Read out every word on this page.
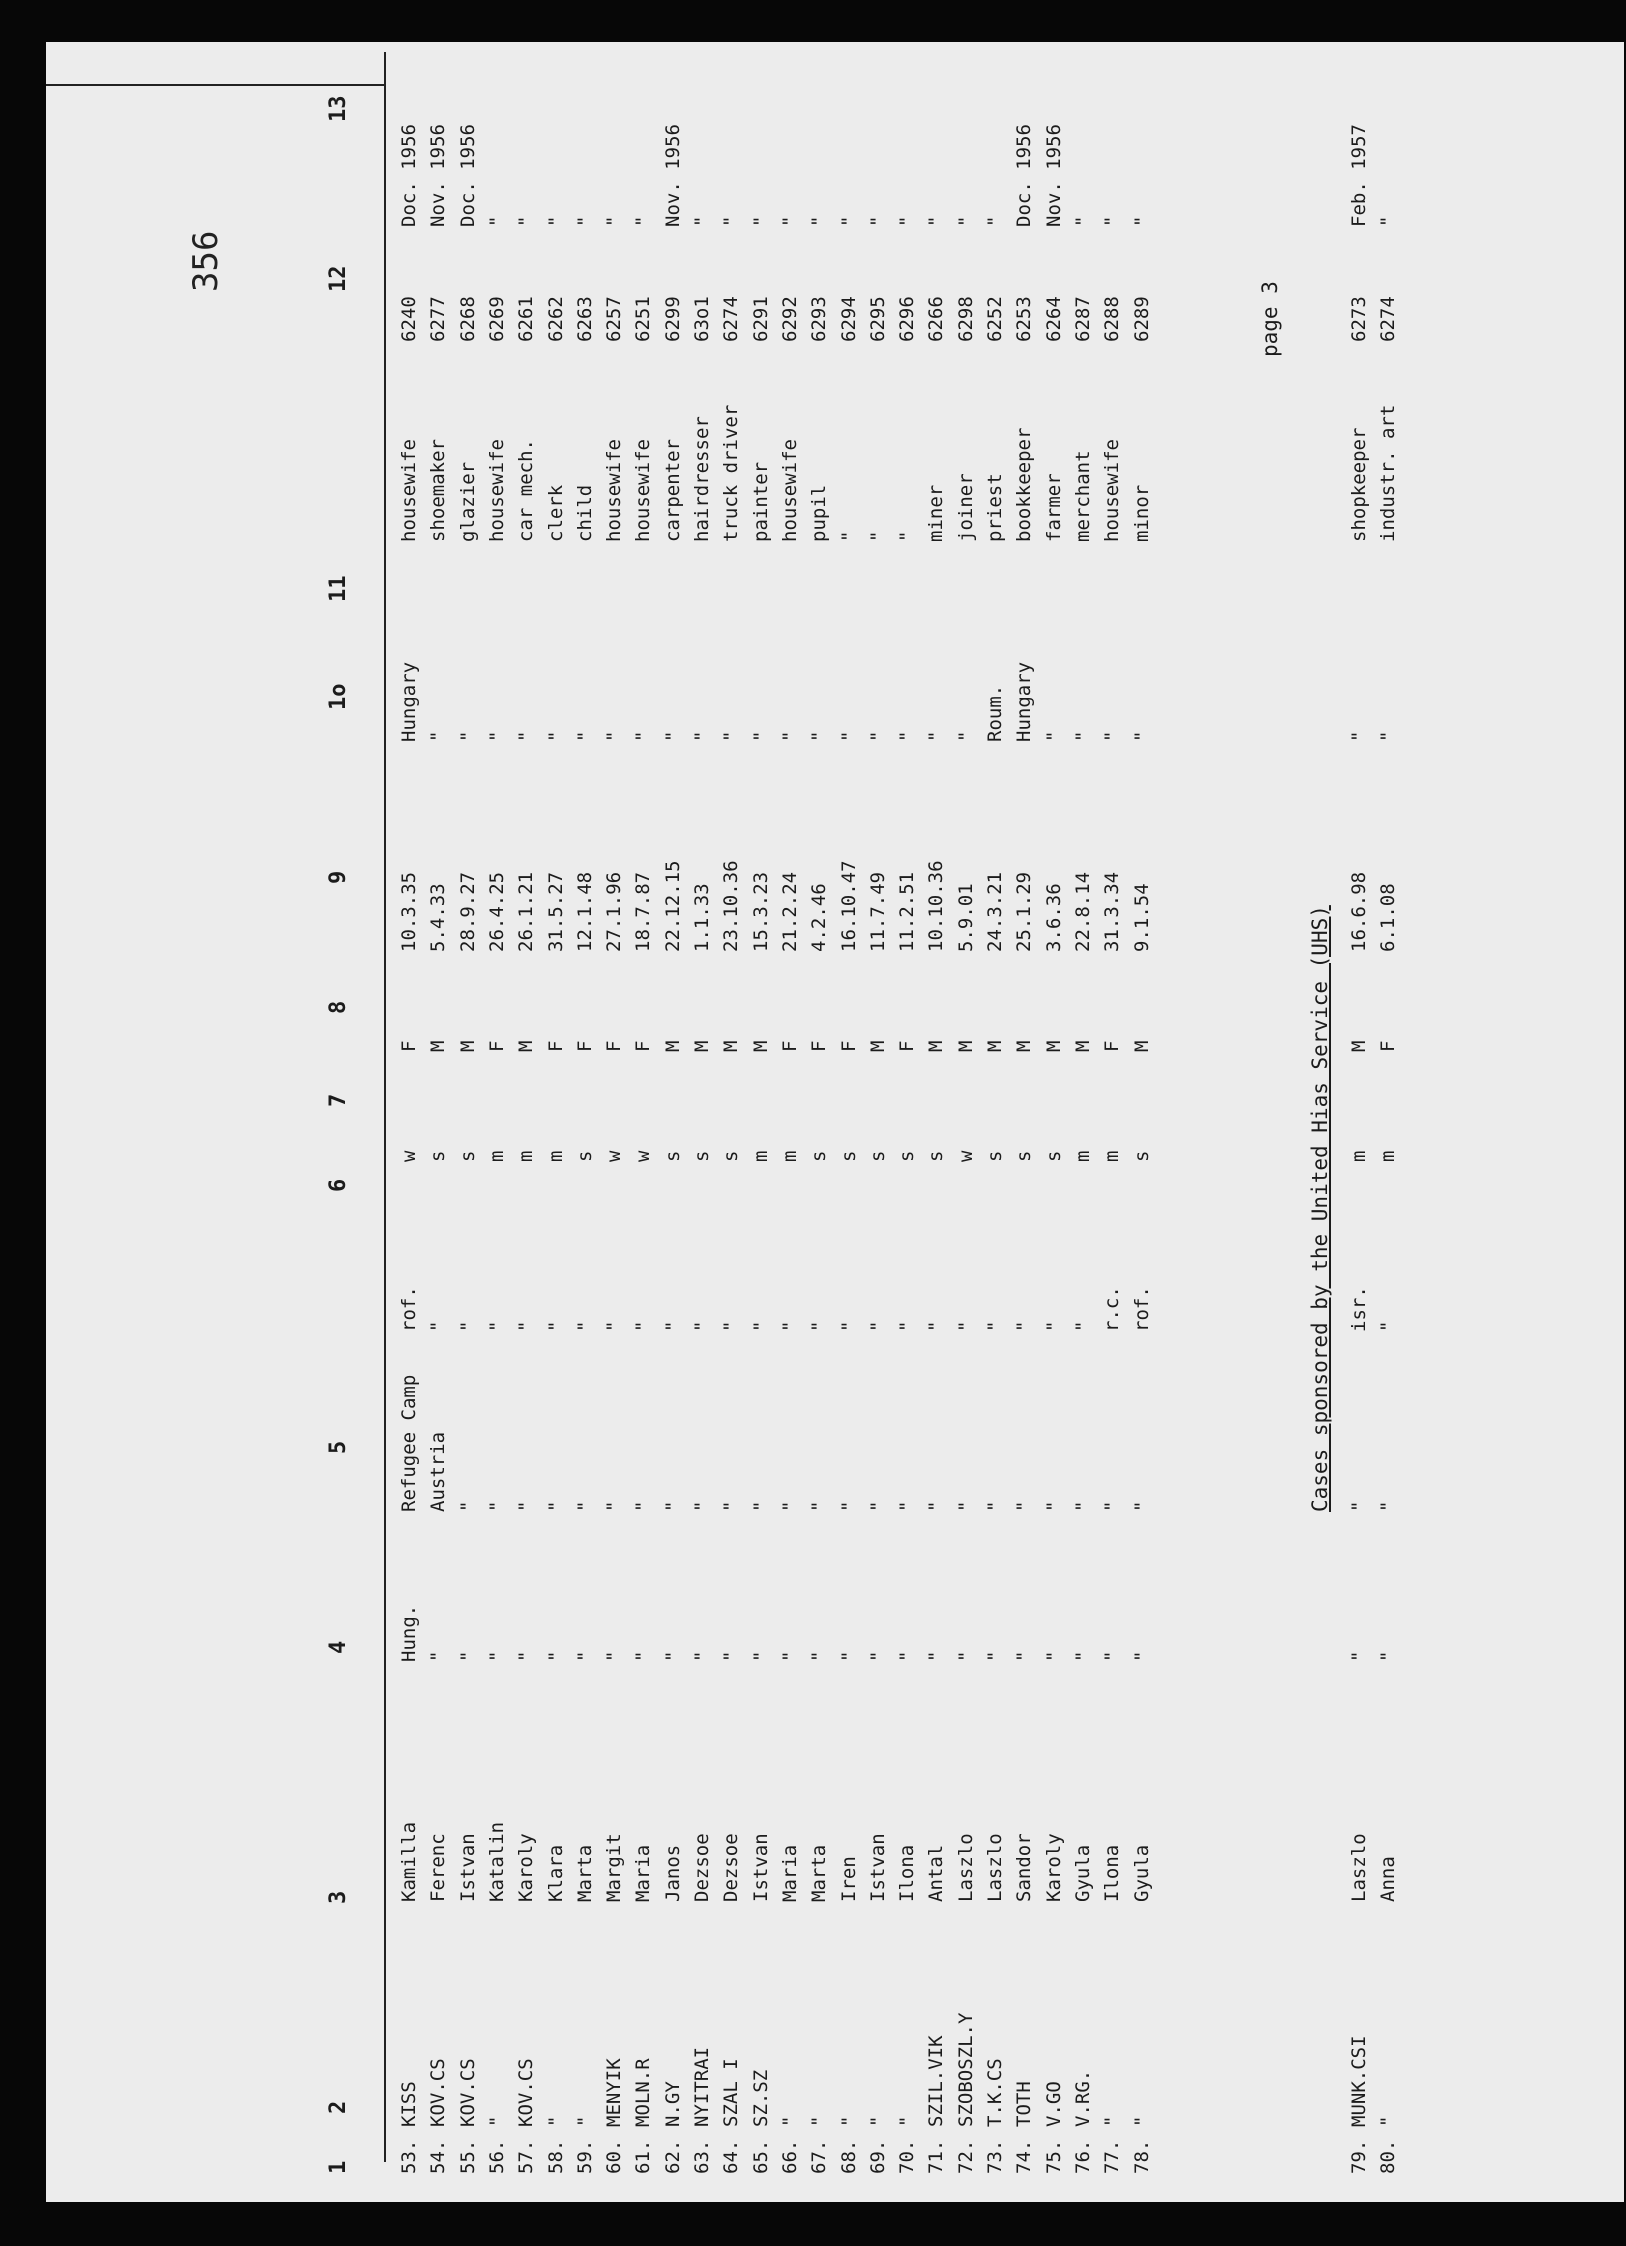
356
page 3
1
2
3
4
5
6
7
8
9
1o
11
12
13
53.
KISS
Kamilla
Hung.
Refugee Camp
rof.
w
F
10.3.35
Hungary
housewife
6240
Doc. 1956
54.
KOV.CS
Ferenc
"
Austria
"
s
M
5.4.33
"
shoemaker
6277
Nov. 1956
55.
KOV.CS
Istvan
"
"
"
s
M
28.9.27
"
glazier
6268
Doc. 1956
56.
"
Katalin
"
"
"
m
F
26.4.25
"
housewife
6269
"
57.
KOV.CS
Karoly
"
"
"
m
M
26.1.21
"
car mech.
6261
"
58.
"
Klara
"
"
"
m
F
31.5.27
"
clerk
6262
"
59.
"
Marta
"
"
"
s
F
12.1.48
"
child
6263
"
60.
MENYIK
Margit
"
"
"
w
F
27.1.96
"
housewife
6257
"
61.
MOLN.R
Maria
"
"
"
w
F
18.7.87
"
housewife
6251
"
62.
N.GY
Janos
"
"
"
s
M
22.12.15
"
carpenter
6299
Nov. 1956
63.
NYITRAI
Dezsoe
"
"
"
s
M
1.1.33
"
hairdresser
63o1
"
64.
SZAL I
Dezsoe
"
"
"
s
M
23.10.36
"
truck driver
6274
"
65.
SZ.SZ
Istvan
"
"
"
m
M
15.3.23
"
painter
6291
"
66.
"
Maria
"
"
"
m
F
21.2.24
"
housewife
6292
"
67.
"
Marta
"
"
"
s
F
4.2.46
"
pupil
6293
"
68.
"
Iren
"
"
"
s
F
16.10.47
"
"
6294
"
69.
"
Istvan
"
"
"
s
M
11.7.49
"
"
6295
"
70.
"
Ilona
"
"
"
s
F
11.2.51
"
"
6296
"
71.
SZIL.VIK
Antal
"
"
"
s
M
10.10.36
"
miner
6266
"
72.
SZOBOSZL.Y
Laszlo
"
"
"
w
M
5.9.01
"
joiner
6298
"
73.
T.K.CS
Laszlo
"
"
"
s
M
24.3.21
Roum.
priest
6252
"
74.
TOTH
Sandor
"
"
"
s
M
25.1.29
Hungary
bookkeeper
6253
Doc. 1956
75.
V.GO
Karoly
"
"
"
s
M
3.6.36
"
farmer
6264
Nov. 1956
76.
V.RG.
Gyula
"
"
"
m
M
22.8.14
"
merchant
6287
"
77.
"
Ilona
"
"
r.c.
m
F
31.3.34
"
housewife
6288
"
78.
"
Gyula
"
"
rof.
s
M
9.1.54
"
minor
6289
"
Cases sponsored by the United Hias Service (UHS)
79.
MUNK.CSI
Laszlo
"
"
isr.
m
M
16.6.98
"
shopkeeper
6273
Feb. 1957
80.
"
Anna
"
"
"
m
F
6.1.08
"
industr. art
6274
"
